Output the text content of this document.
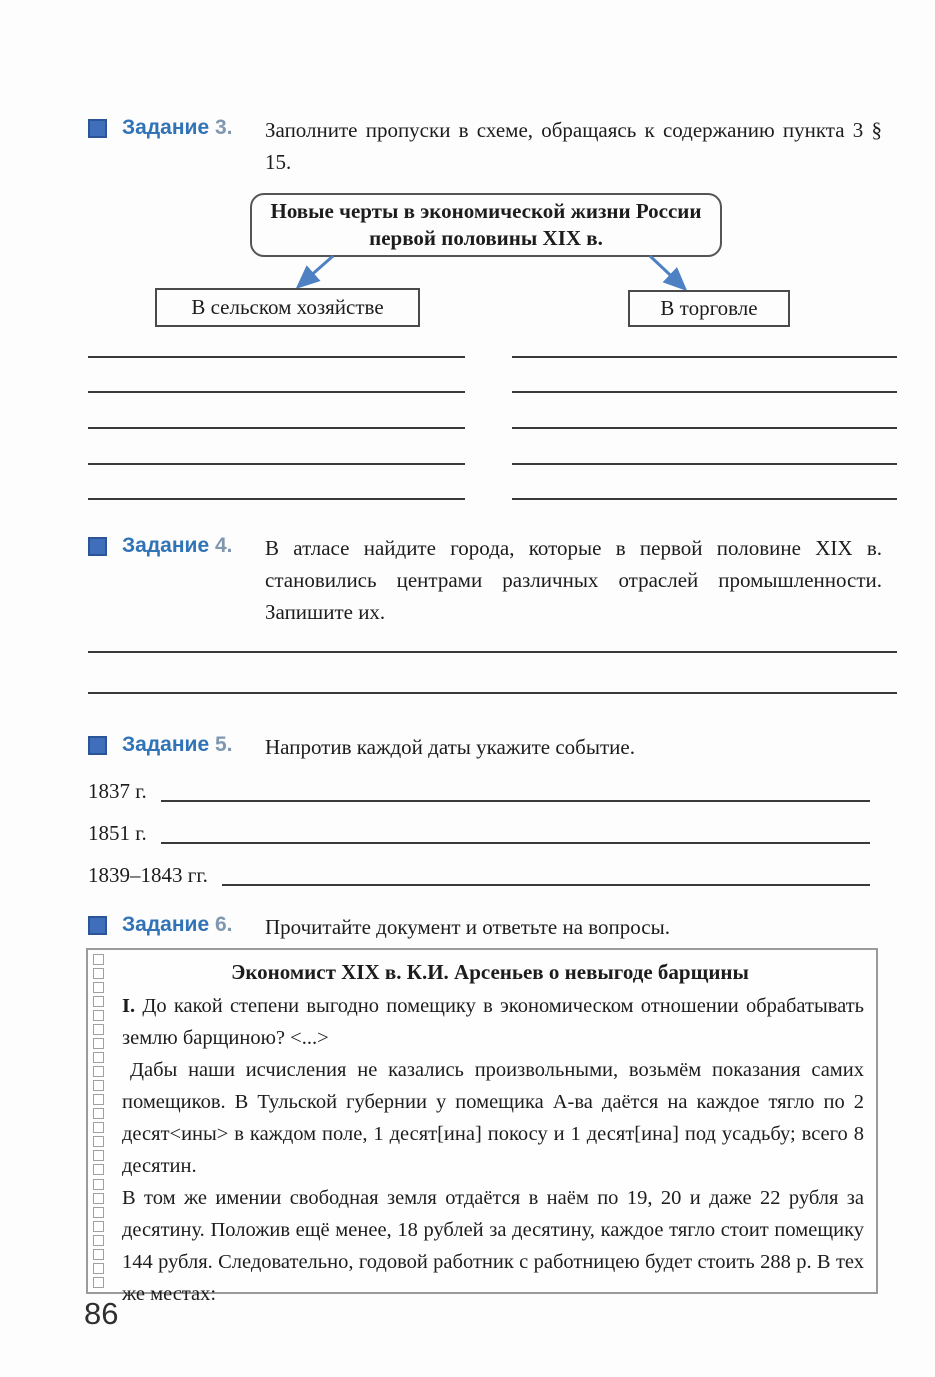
Задание 3.	Заполните пропуски в схеме, обращаясь к содержанию пункта 3 § 15.
Новые черты в экономической жизни России первой половины XIX в.
В сельском хозяйстве	В торговле
Задание 4.	В атласе найдите города, которые в первой половине XIX в. становились центрами различных отраслей промышленности. Запишите их.
Задание 5.	Напротив каждой даты укажите событие.
1837 г.
1851 г.
1839–1843 гг.
Задание 6.	Прочитайте документ и ответьте на вопросы.
Экономист XIX в. К.И. Арсеньев о невыгоде барщины

I. До какой степени выгодно помещику в экономическом отношении обрабатывать землю барщиною? <...>

Дабы наши исчисления не казались произвольными, возьмём показания самих помещиков. В Тульской губернии у помещика А-ва даётся на каждое тягло по 2 десят<ины> в каждом поле, 1 десят[ина] покосу и 1 десят[ина] под усадьбу; всего 8 десятин.

В том же имении свободная земля отдаётся в наём по 19, 20 и даже 22 рубля за десятину. Положив ещё менее, 18 рублей за десятину, каждое тягло стоит помещику 144 рубля. Следовательно, годовой работник с работницею будет стоить 288 р. В тех же местах:

86
